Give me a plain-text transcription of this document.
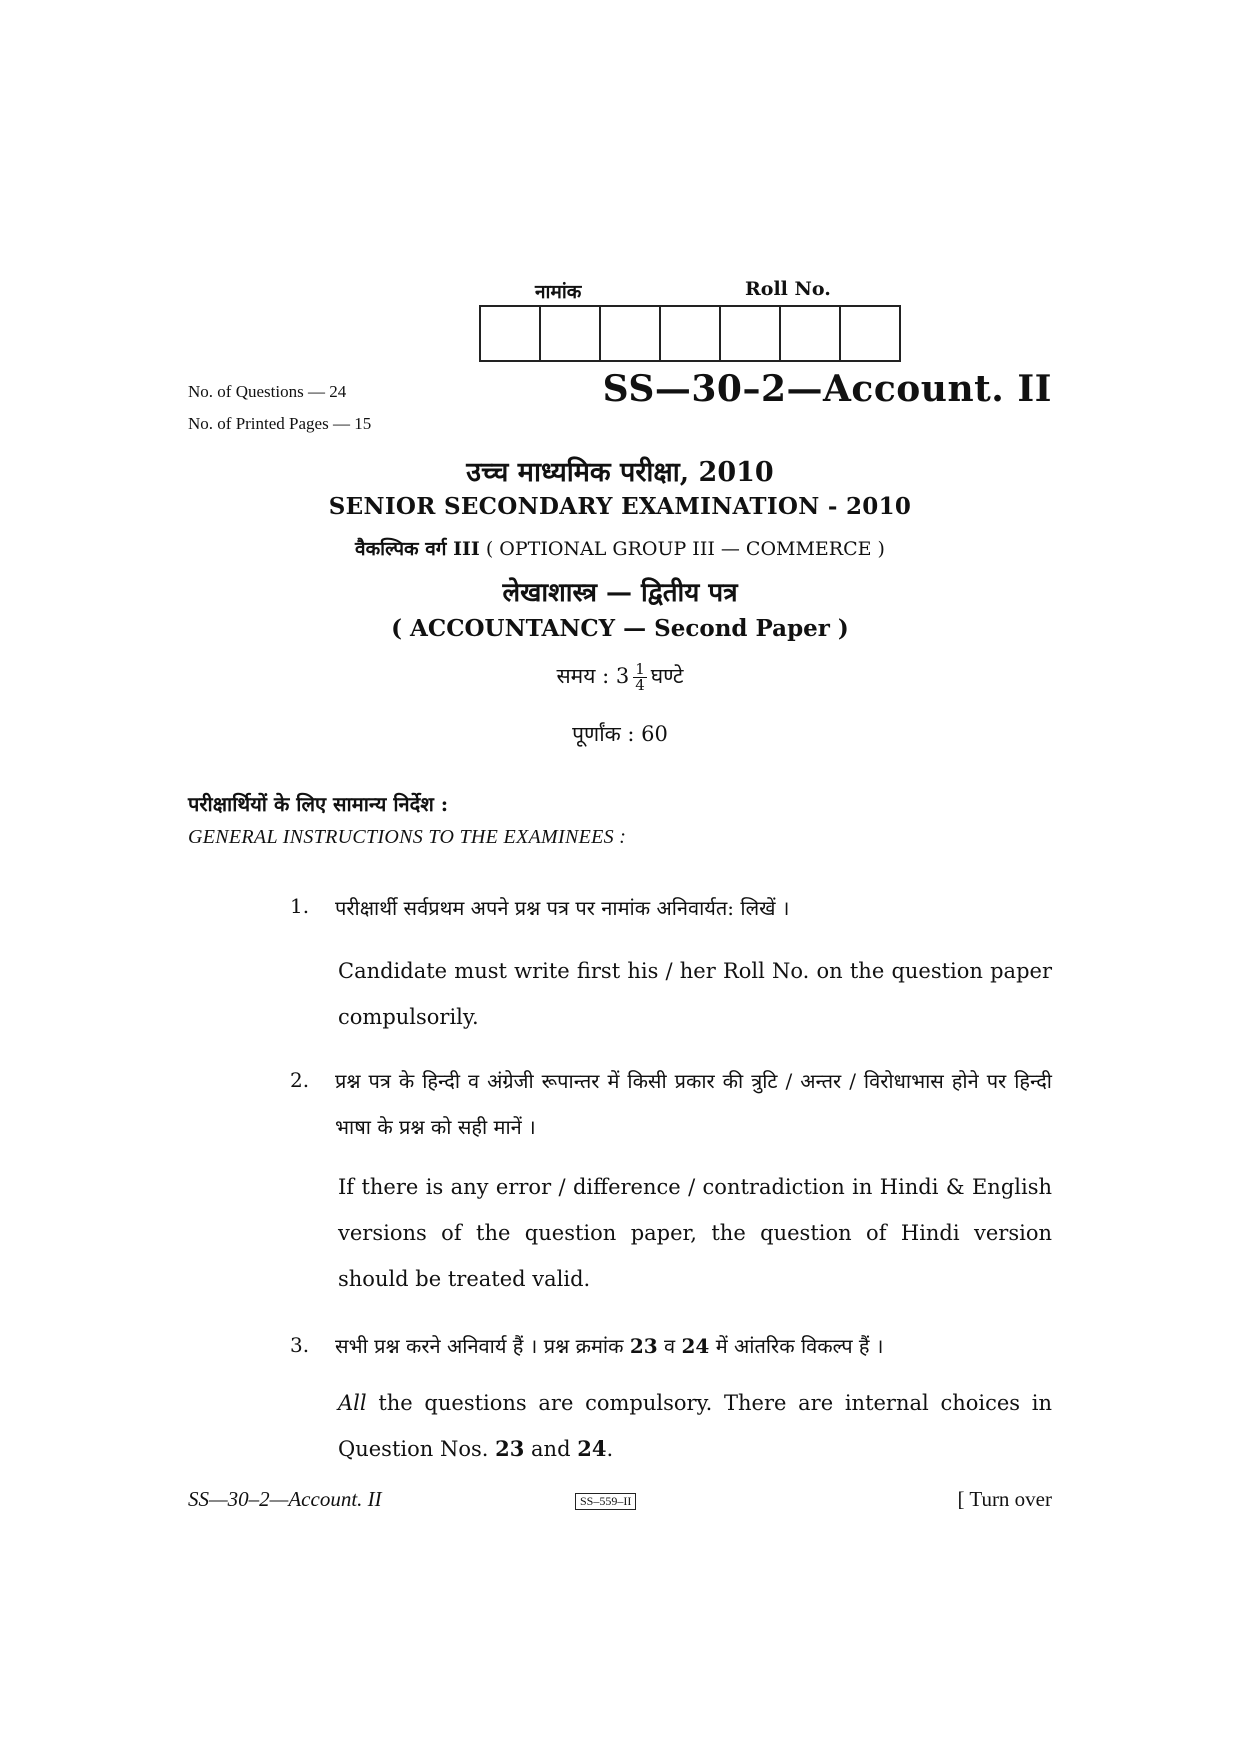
नामांक	Roll No.
No. of Questions — 24
No. of Printed Pages — 15
SS—30–2—Account. II
उच्च माध्यमिक परीक्षा, 2010
SENIOR SECONDARY EXAMINATION - 2010
वैकल्पिक वर्ग III ( OPTIONAL GROUP III — COMMERCE )
लेखाशास्त्र — द्वितीय पत्र
( ACCOUNTANCY — Second Paper )
समय : $3 \frac{1}{4}$ घण्टे
पूर्णांक : 60
परीक्षार्थियों के लिए सामान्य निर्देश :
GENERAL INSTRUCTIONS TO THE EXAMINEES :
1. परीक्षार्थी सर्वप्रथम अपने प्रश्न पत्र पर नामांक अनिवार्यत: लिखें ।
Candidate must write first his / her Roll No. on the question paper compulsorily.
2. प्रश्न पत्र के हिन्दी व अंग्रेजी रूपान्तर में किसी प्रकार की त्रुटि / अन्तर / विरोधाभास होने पर हिन्दी भाषा के प्रश्न को सही मानें ।
If there is any error / difference / contradiction in Hindi & English versions of the question paper, the question of Hindi version should be treated valid.
3. सभी प्रश्न करने अनिवार्य हैं । प्रश्न क्रमांक 23 व 24 में आंतरिक विकल्प हैं ।
All the questions are compulsory. There are internal choices in Question Nos. 23 and 24.
SS—30–2—Account. II	SS–559–II	[ Turn over
